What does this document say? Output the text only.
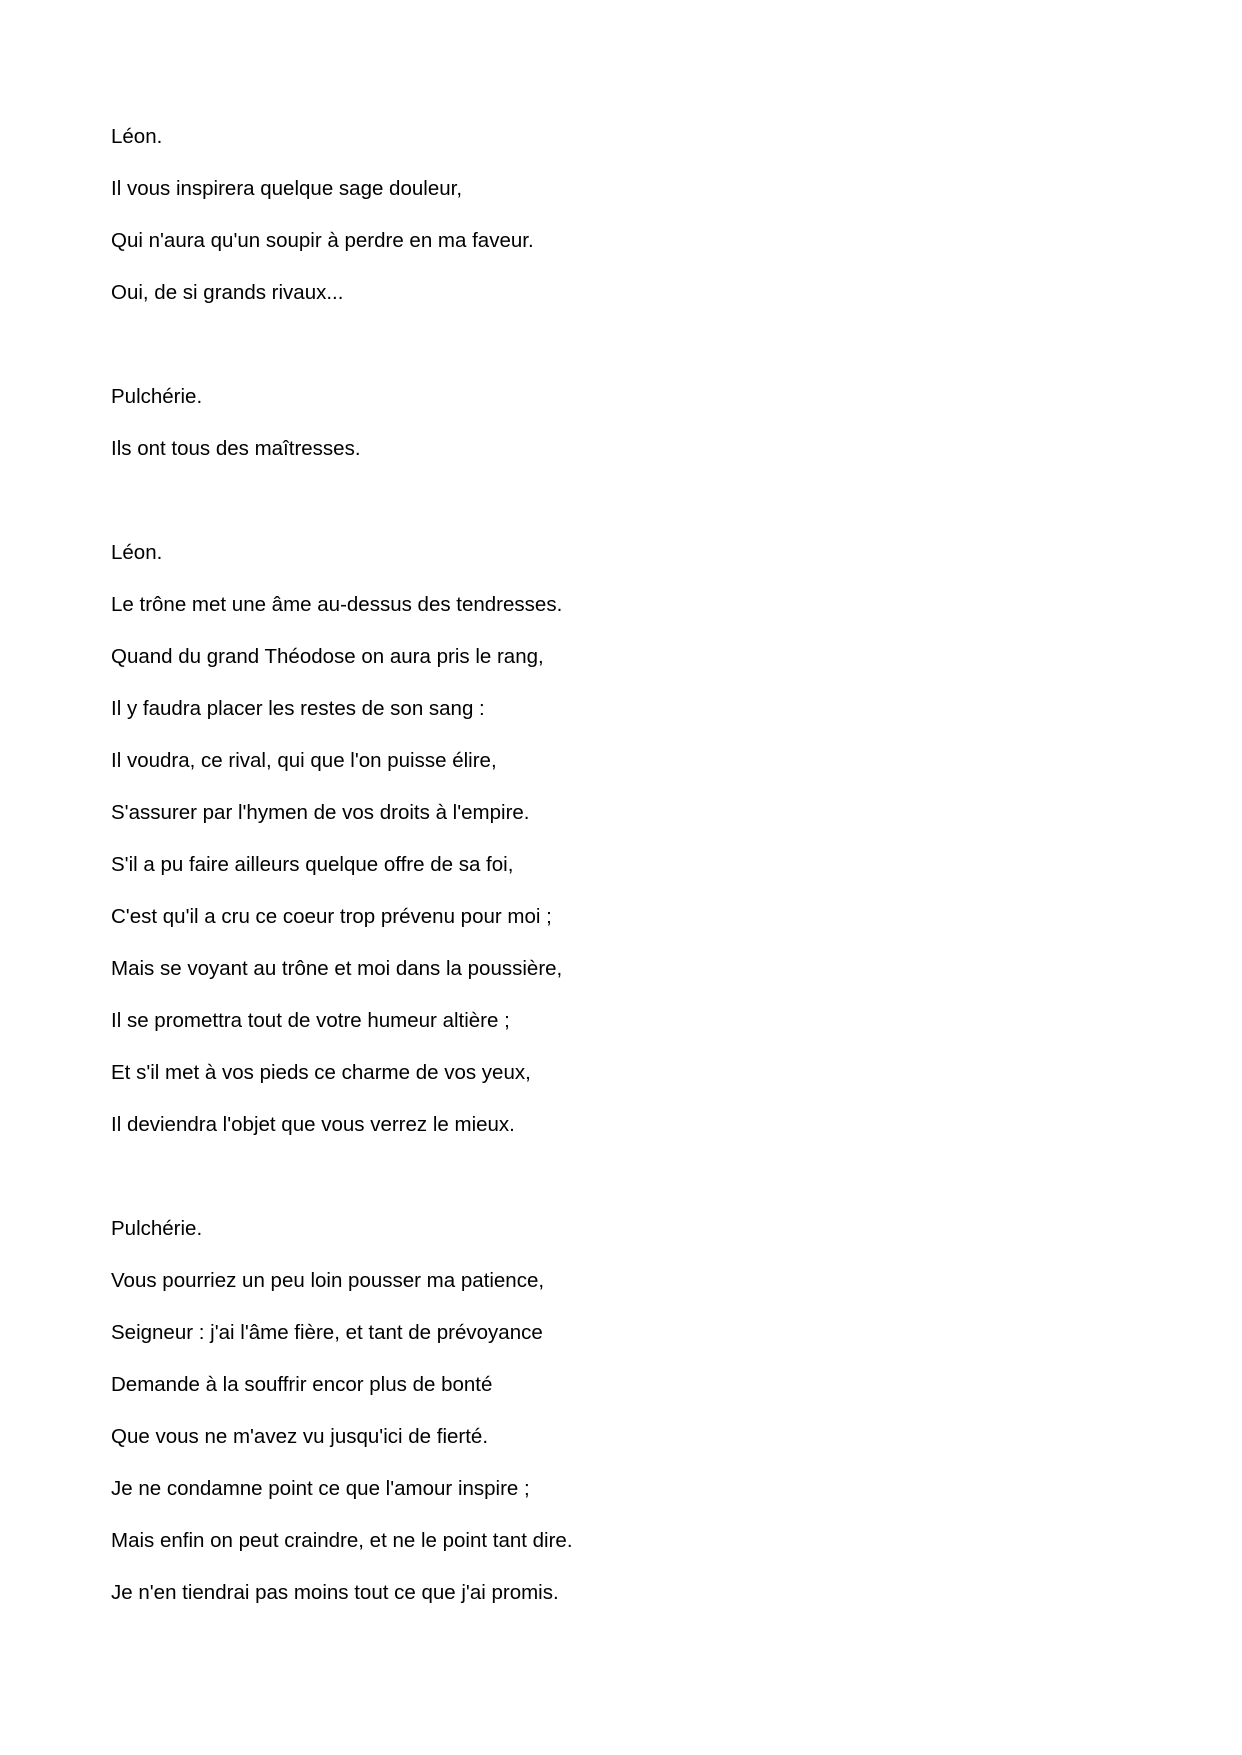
Léon.
Il vous inspirera quelque sage douleur,
Qui n'aura qu'un soupir à perdre en ma faveur.
Oui, de si grands rivaux...
Pulchérie.
Ils ont tous des maîtresses.
Léon.
Le trône met une âme au-dessus des tendresses.
Quand du grand Théodose on aura pris le rang,
Il y faudra placer les restes de son sang :
Il voudra, ce rival, qui que l'on puisse élire,
S'assurer par l'hymen de vos droits à l'empire.
S'il a pu faire ailleurs quelque offre de sa foi,
C'est qu'il a cru ce coeur trop prévenu pour moi ;
Mais se voyant au trône et moi dans la poussière,
Il se promettra tout de votre humeur altière ;
Et s'il met à vos pieds ce charme de vos yeux,
Il deviendra l'objet que vous verrez le mieux.
Pulchérie.
Vous pourriez un peu loin pousser ma patience,
Seigneur : j'ai l'âme fière, et tant de prévoyance
Demande à la souffrir encor plus de bonté
Que vous ne m'avez vu jusqu'ici de fierté.
Je ne condamne point ce que l'amour inspire ;
Mais enfin on peut craindre, et ne le point tant dire.
Je n'en tiendrai pas moins tout ce que j'ai promis.
